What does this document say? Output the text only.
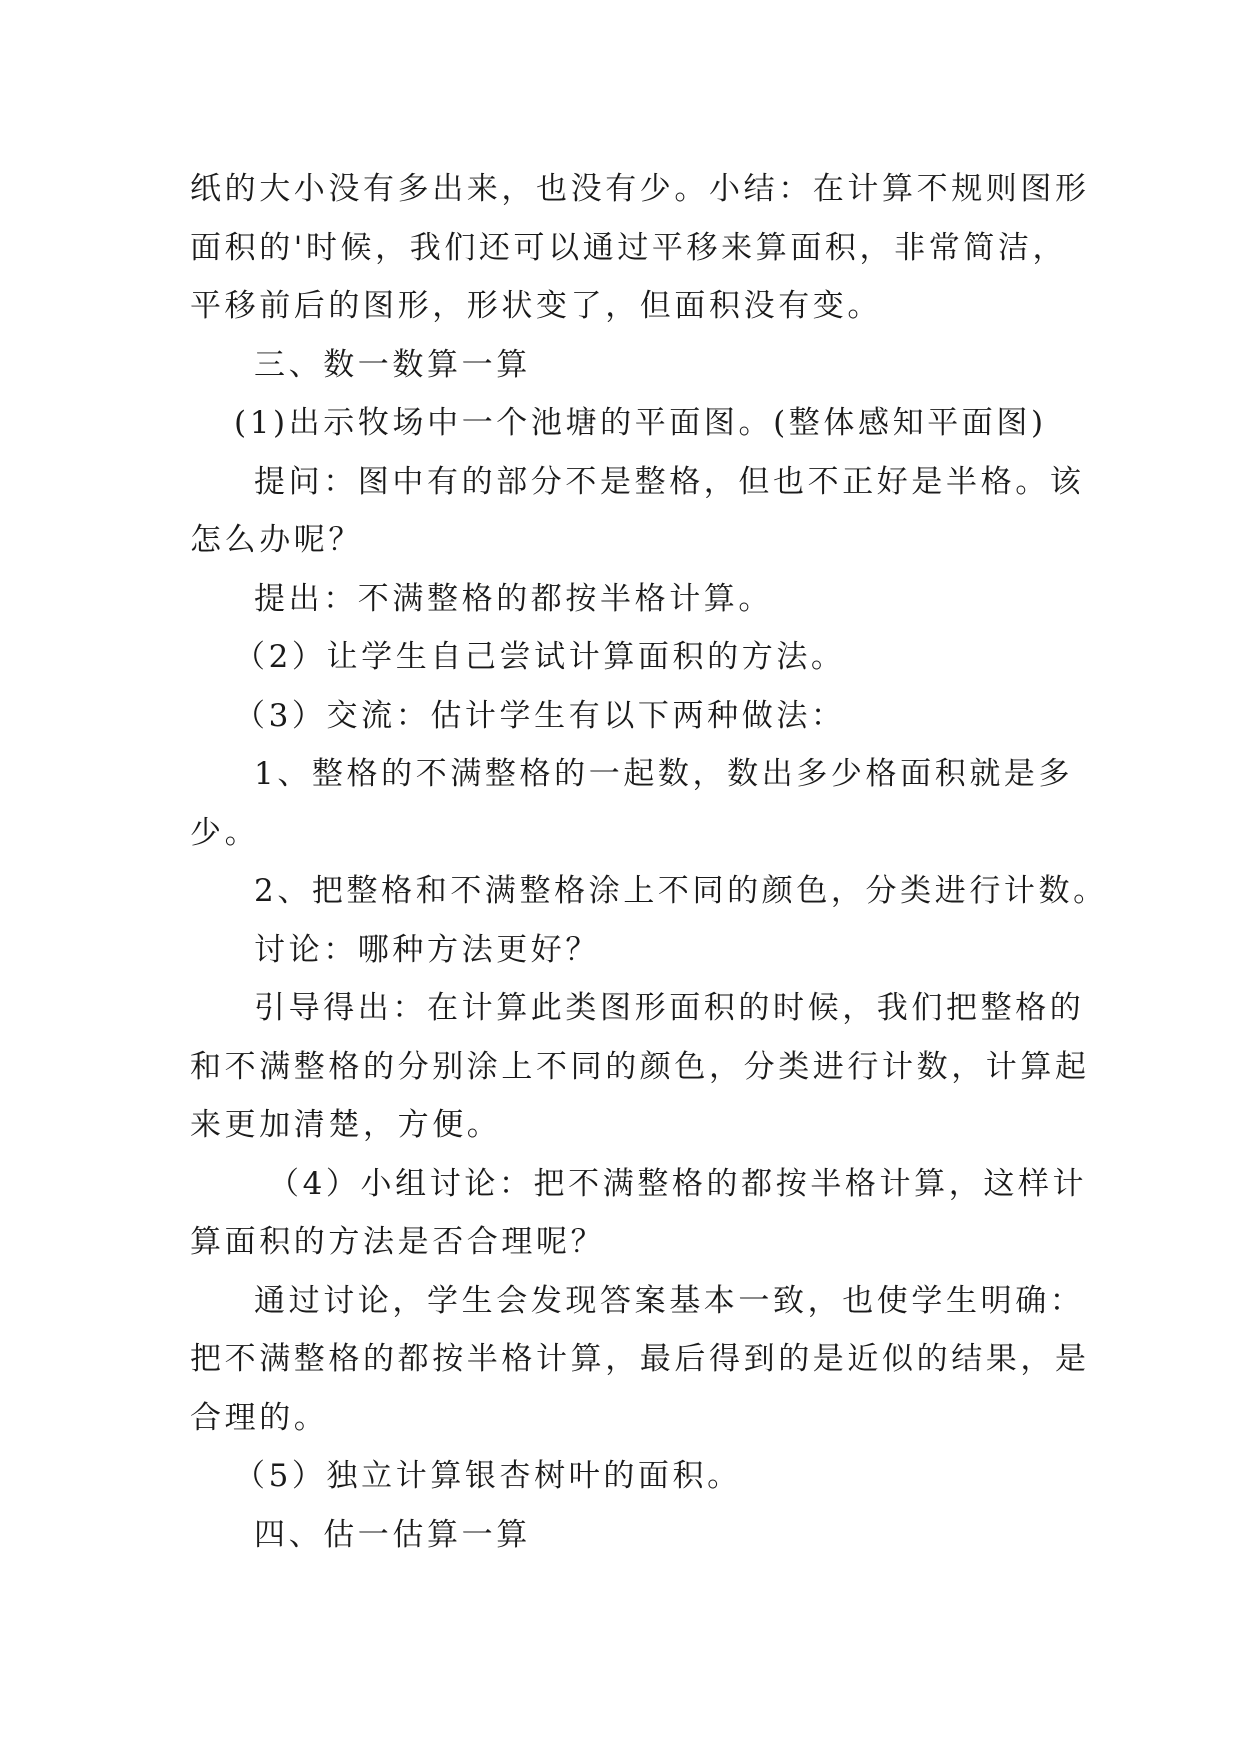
纸的大小没有多出来，也没有少。小结：在计算不规则图形
面积的'时候，我们还可以通过平移来算面积，非常简洁，
平移前后的图形，形状变了，但面积没有变。
三、数一数算一算
(1)出示牧场中一个池塘的平面图。(整体感知平面图)
提问：图中有的部分不是整格，但也不正好是半格。该
怎么办呢？
提出：不满整格的都按半格计算。
（2）让学生自己尝试计算面积的方法。
（3）交流：估计学生有以下两种做法：
1、整格的不满整格的一起数，数出多少格面积就是多
少。
2、把整格和不满整格涂上不同的颜色，分类进行计数。
讨论：哪种方法更好？
引导得出：在计算此类图形面积的时候，我们把整格的
和不满整格的分别涂上不同的颜色，分类进行计数，计算起
来更加清楚，方便。
（4）小组讨论：把不满整格的都按半格计算，这样计
算面积的方法是否合理呢？
通过讨论，学生会发现答案基本一致，也使学生明确：
把不满整格的都按半格计算，最后得到的是近似的结果，是
合理的。
（5）独立计算银杏树叶的面积。
四、估一估算一算
